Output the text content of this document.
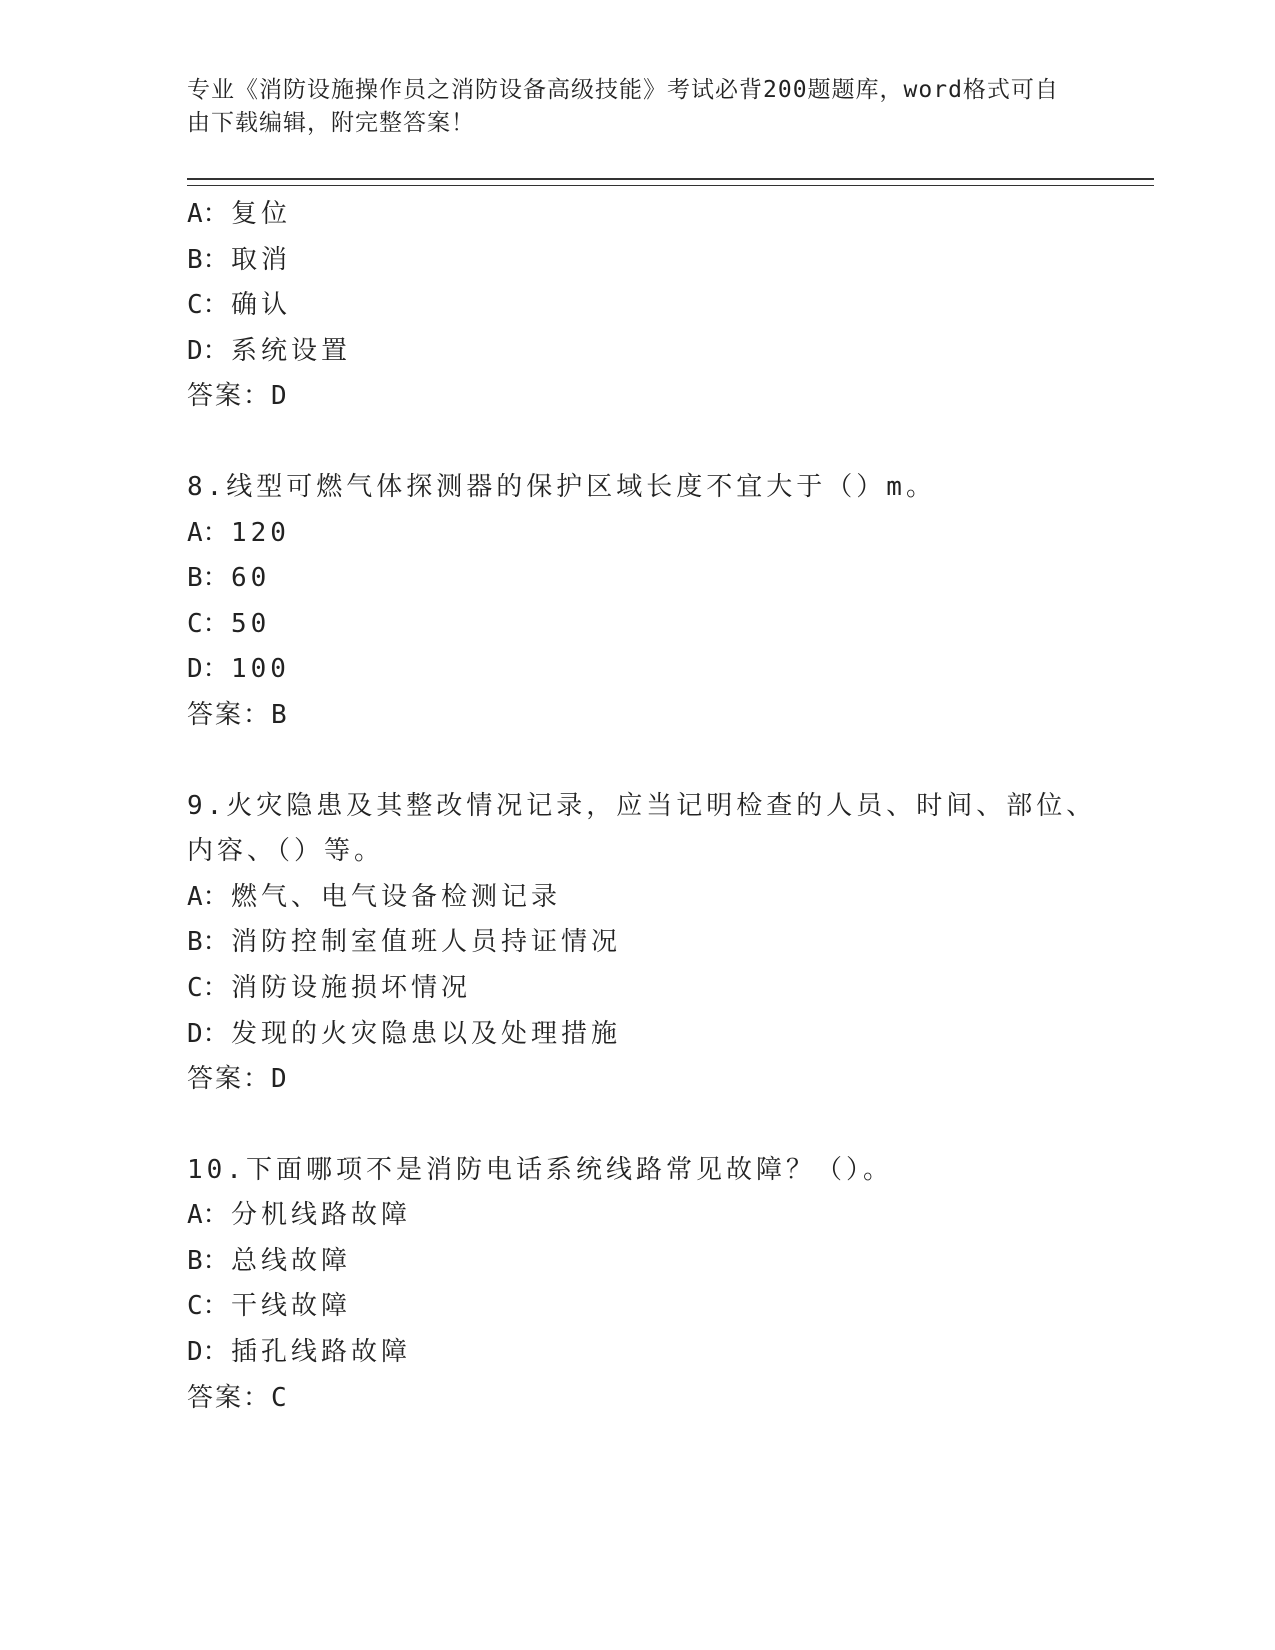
专业《消防设施操作员之消防设备高级技能》考试必背200题题库，word格式可自由下载编辑，附完整答案！
A：复位
B：取消
C：确认
D：系统设置
答案：D
8.线型可燃气体探测器的保护区域长度不宜大于（）m。
A：120
B：60
C：50
D：100
答案：B
9.火灾隐患及其整改情况记录，应当记明检查的人员、时间、部位、
内容、（）等。
A：燃气、电气设备检测记录
B：消防控制室值班人员持证情况
C：消防设施损坏情况
D：发现的火灾隐患以及处理措施
答案：D
10.下面哪项不是消防电话系统线路常见故障？（）。
A：分机线路故障
B：总线故障
C：干线故障
D：插孔线路故障
答案：C
